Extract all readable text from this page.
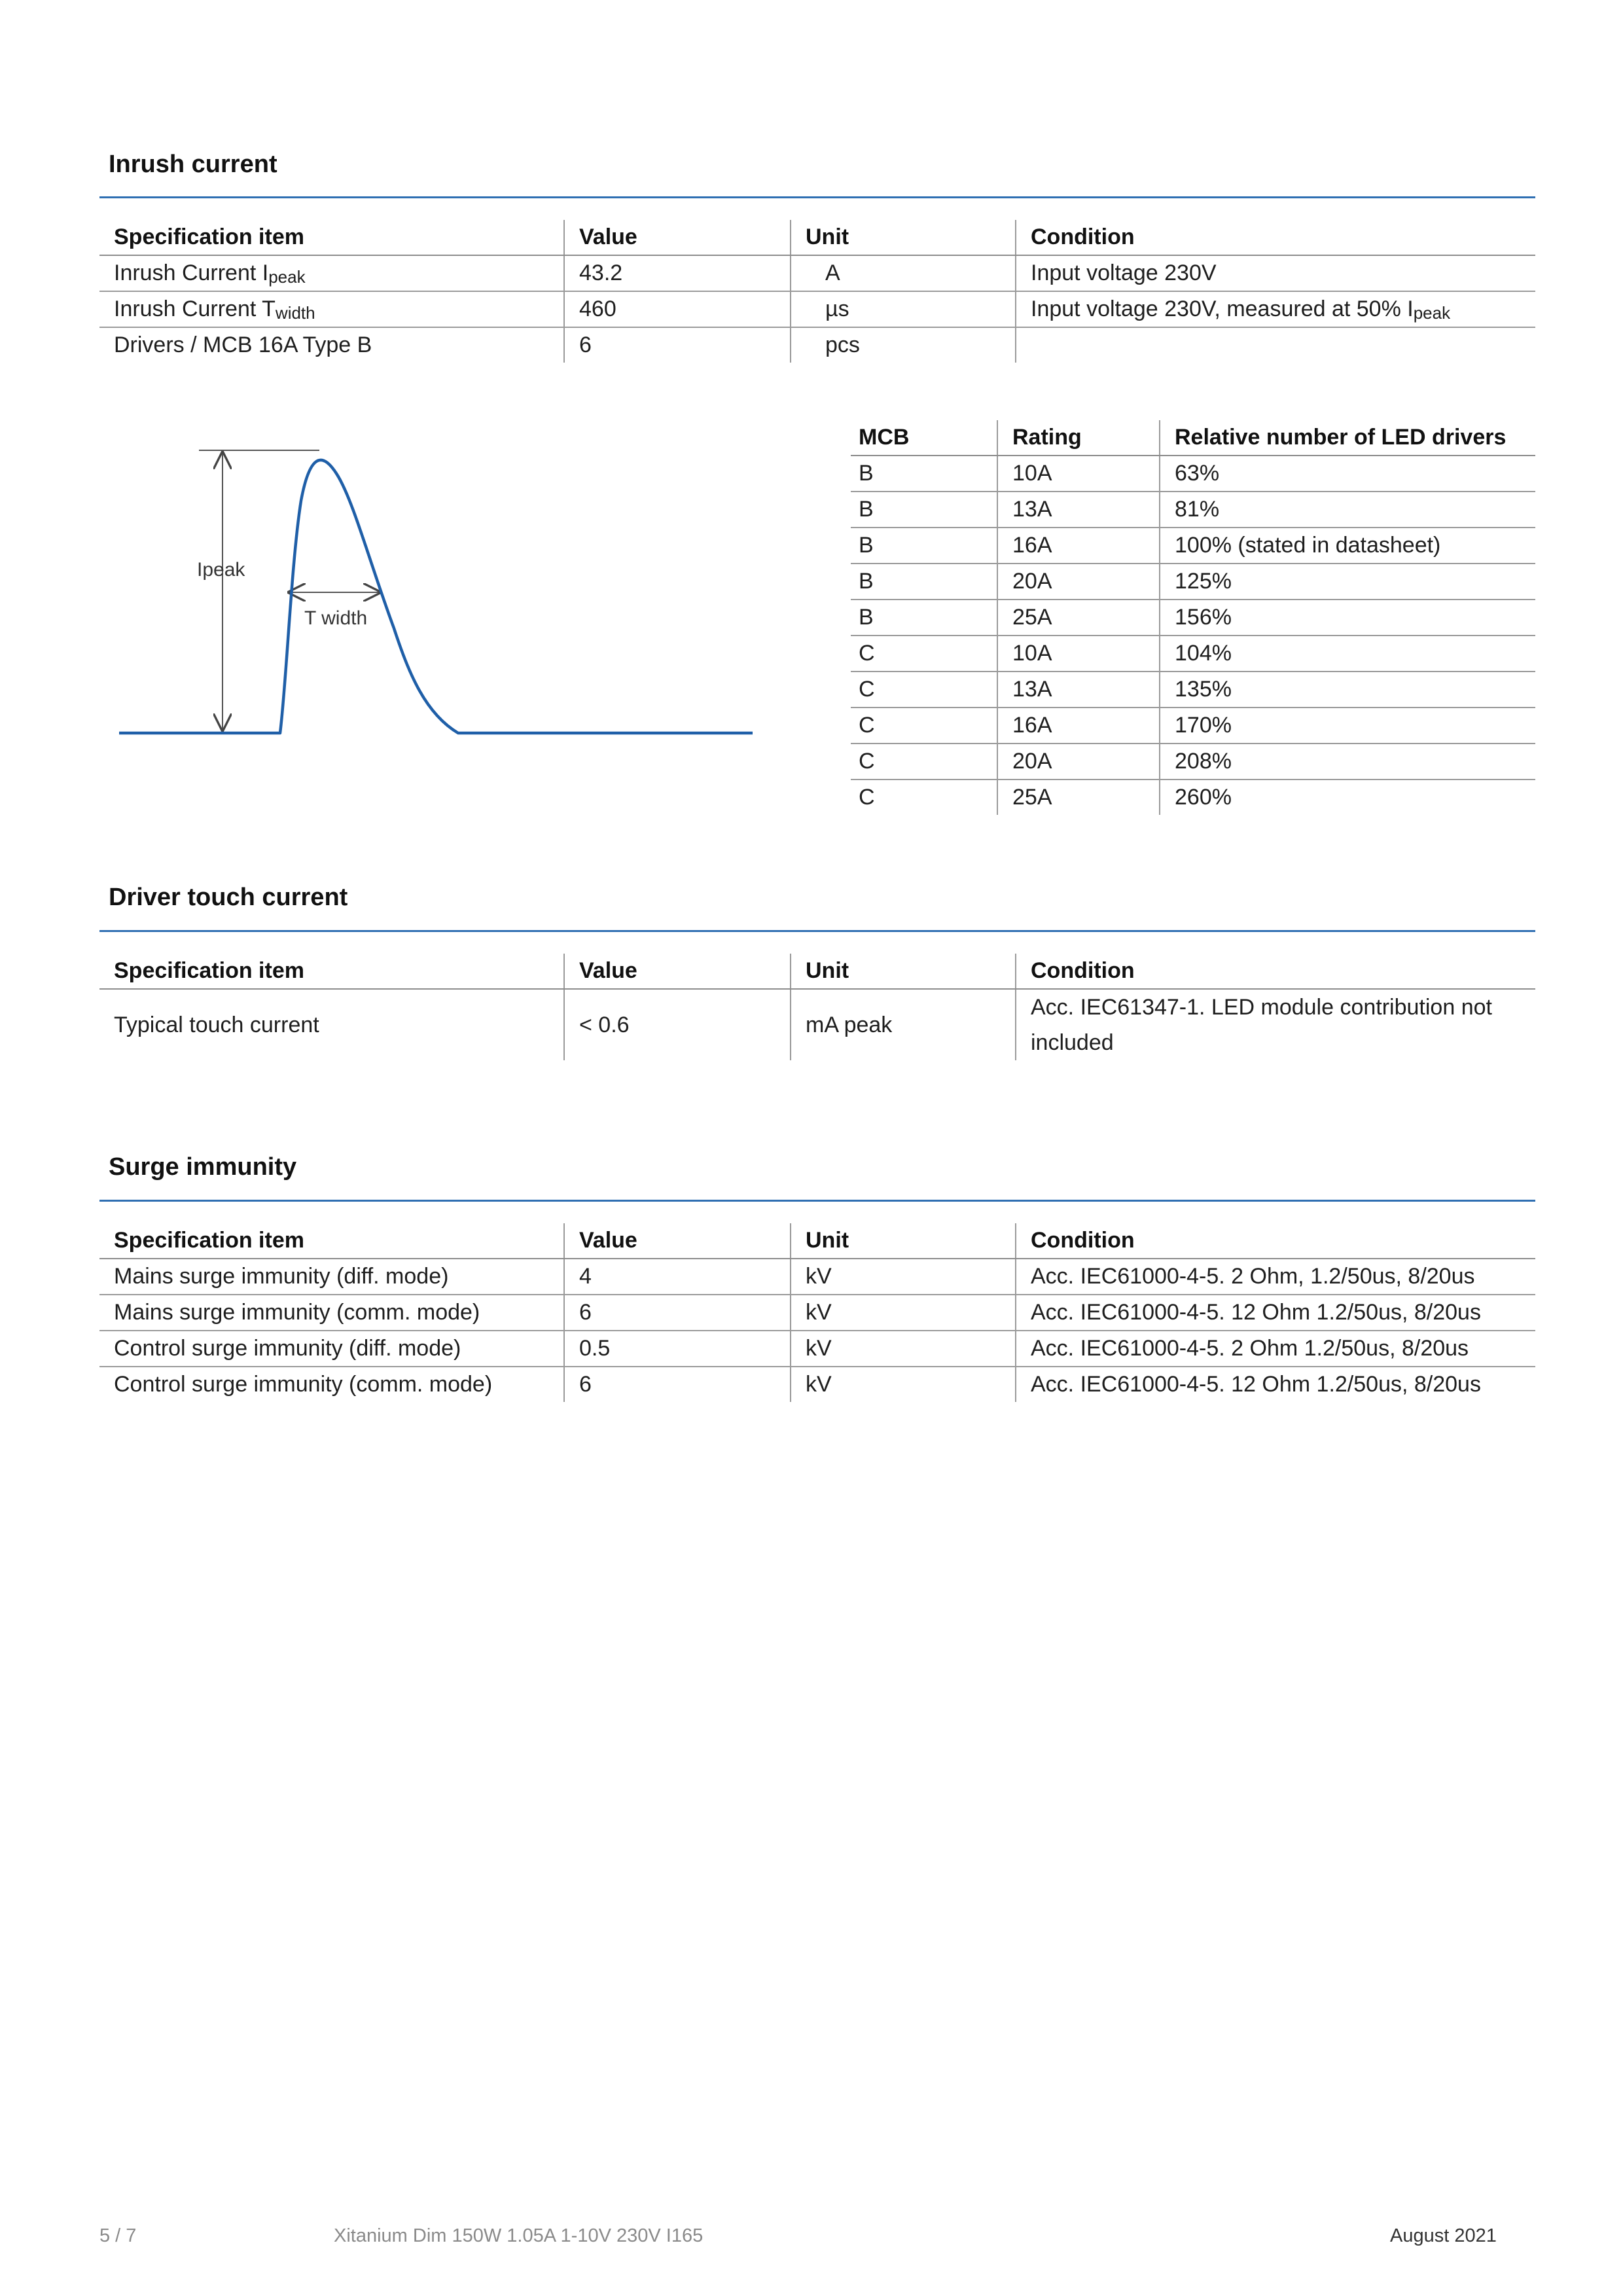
Inrush current
Specification item	Value	Unit	Condition
Inrush Current $I_{peak}$	43.2	A	Input voltage 230V
Inrush Current $T_{width}$	460	µs	Input voltage 230V, measured at 50% $I_{peak}$
Drivers / MCB 16A Type B	6	pcs	
Ipeak
T width
MCB	Rating	Relative number of LED drivers
B	10A	63%
B	13A	81%
B	16A	100% (stated in datasheet)
B	20A	125%
B	25A	156%
C	10A	104%
C	13A	135%
C	16A	170%
C	20A	208%
C	25A	260%
Driver touch current
Specification item	Value	Unit	Condition
Typical touch current	< 0.6	mA peak	Acc. IEC61347-1. LED module contribution not included
Surge immunity
Specification item	Value	Unit	Condition
Mains surge immunity (diff. mode)	4	kV	Acc. IEC61000-4-5. 2 Ohm, 1.2/50us, 8/20us
Mains surge immunity (comm. mode)	6	kV	Acc. IEC61000-4-5. 12 Ohm 1.2/50us, 8/20us
Control surge immunity (diff. mode)	0.5	kV	Acc. IEC61000-4-5. 2 Ohm 1.2/50us, 8/20us
Control surge immunity (comm. mode)	6	kV	Acc. IEC61000-4-5. 12 Ohm 1.2/50us, 8/20us
5 / 7	Xitanium Dim 150W 1.05A 1-10V 230V I165	August 2021
